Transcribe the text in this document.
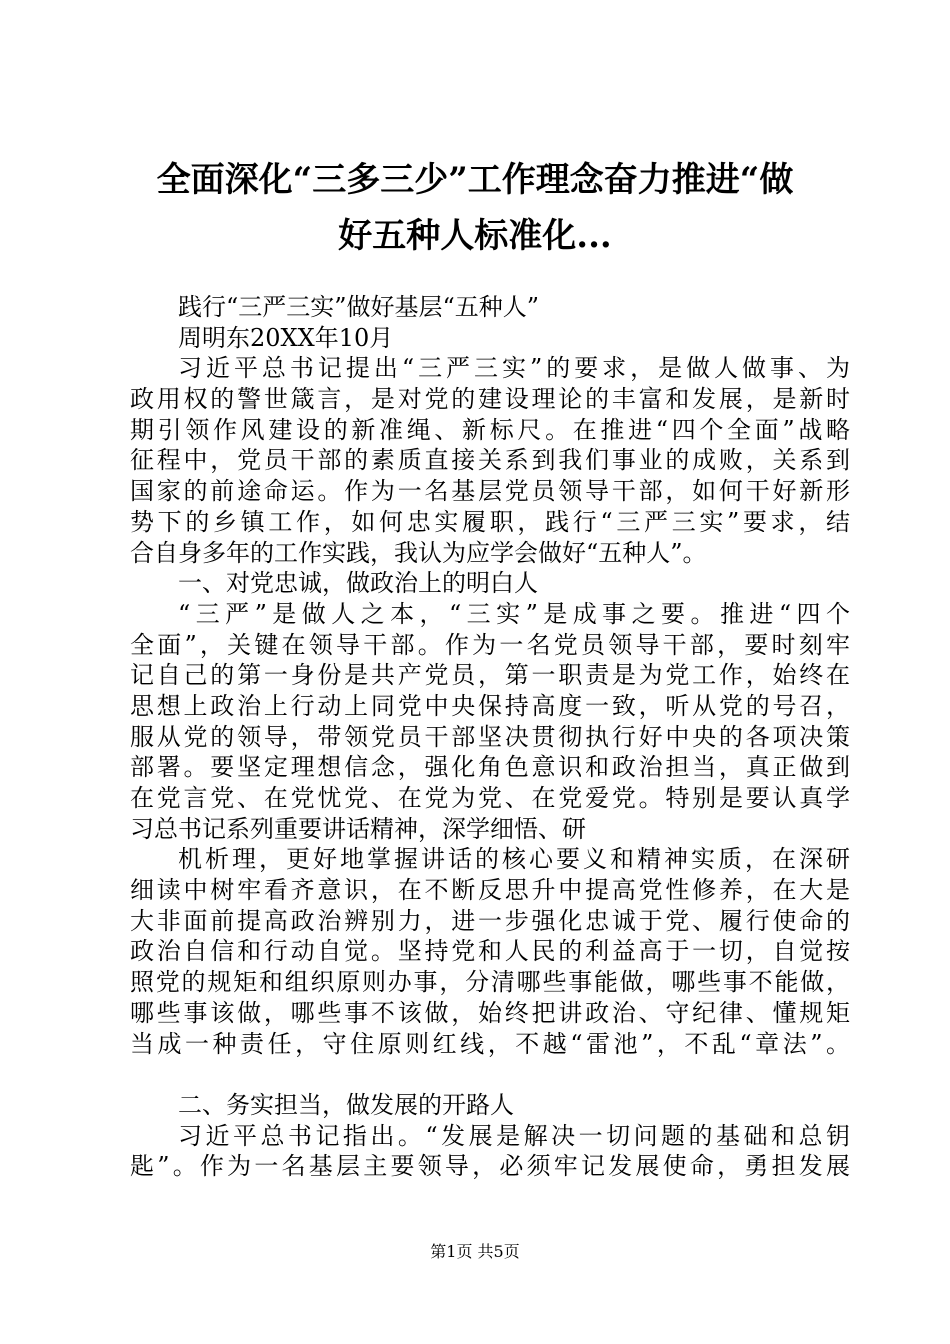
全面深化“三多三少”工作理念奋力推进“做
好五种人标准化...
践行“三严三实”做好基层“五种人”
周明东20XX年10月
习近平总书记提出“三严三实”的要求，是做人做事、为
政用权的警世箴言，是对党的建设理论的丰富和发展，是新时
期引领作风建设的新准绳、新标尺。在推进“四个全面”战略
征程中，党员干部的素质直接关系到我们事业的成败，关系到
国家的前途命运。作为一名基层党员领导干部，如何干好新形
势下的乡镇工作，如何忠实履职，践行“三严三实”要求，结
合自身多年的工作实践，我认为应学会做好“五种人”。
一、对党忠诚，做政治上的明白人
“三严”是做人之本，“三实”是成事之要。推进“四个
全面”，关键在领导干部。作为一名党员领导干部，要时刻牢
记自己的第一身份是共产党员，第一职责是为党工作，始终在
思想上政治上行动上同党中央保持高度一致，听从党的号召，
服从党的领导，带领党员干部坚决贯彻执行好中央的各项决策
部署。要坚定理想信念，强化角色意识和政治担当，真正做到
在党言党、在党忧党、在党为党、在党爱党。特别是要认真学
习总书记系列重要讲话精神，深学细悟、研
机析理，更好地掌握讲话的核心要义和精神实质，在深研
细读中树牢看齐意识，在不断反思升中提高党性修养，在大是
大非面前提高政治辨别力，进一步强化忠诚于党、履行使命的
政治自信和行动自觉。坚持党和人民的利益高于一切，自觉按
照党的规矩和组织原则办事，分清哪些事能做，哪些事不能做，
哪些事该做，哪些事不该做，始终把讲政治、守纪律、懂规矩
当成一种责任，守住原则红线，不越“雷池”，不乱“章法”。
二、务实担当，做发展的开路人
习近平总书记指出。“发展是解决一切问题的基础和总钥
匙”。作为一名基层主要领导，必须牢记发展使命，勇担发展
第1页 共5页
